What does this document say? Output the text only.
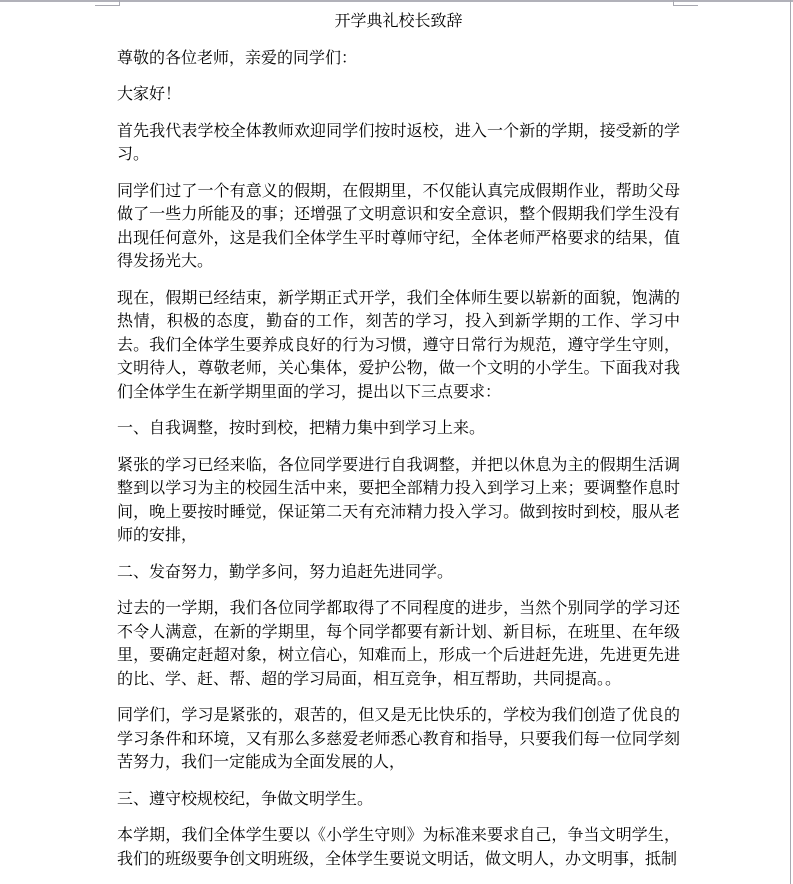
开学典礼校长致辞

尊敬的各位老师，亲爱的同学们：

大家好！

首先我代表学校全体教师欢迎同学们按时返校，进入一个新的学期，接受新的学习。

同学们过了一个有意义的假期，在假期里，不仅能认真完成假期作业，帮助父母做了一些力所能及的事；还增强了文明意识和安全意识，整个假期我们学生没有出现任何意外，这是我们全体学生平时尊师守纪，全体老师严格要求的结果，值得发扬光大。

现在，假期已经结束，新学期正式开学，我们全体师生要以崭新的面貌，饱满的热情，积极的态度，勤奋的工作，刻苦的学习，投入到新学期的工作、学习中去。我们全体学生要养成良好的行为习惯，遵守日常行为规范，遵守学生守则，文明待人，尊敬老师，关心集体，爱护公物，做一个文明的小学生。下面我对我们全体学生在新学期里面的学习，提出以下三点要求：

一、自我调整，按时到校，把精力集中到学习上来。

紧张的学习已经来临，各位同学要进行自我调整，并把以休息为主的假期生活调整到以学习为主的校园生活中来，要把全部精力投入到学习上来；要调整作息时间，晚上要按时睡觉，保证第二天有充沛精力投入学习。做到按时到校，服从老师的安排，

二、发奋努力，勤学多问，努力追赶先进同学。

过去的一学期，我们各位同学都取得了不同程度的进步，当然个别同学的学习还不令人满意，在新的学期里，每个同学都要有新计划、新目标，在班里、在年级里，要确定赶超对象，树立信心，知难而上，形成一个后进赶先进，先进更先进的比、学、赶、帮、超的学习局面，相互竞争，相互帮助，共同提高。。

同学们，学习是紧张的，艰苦的，但又是无比快乐的，学校为我们创造了优良的学习条件和环境，又有那么多慈爱老师悉心教育和指导，只要我们每一位同学刻苦努力，我们一定能成为全面发展的人，

三、遵守校规校纪，争做文明学生。

本学期，我们全体学生要以《小学生守则》为标准来要求自己，争当文明学生，我们的班级要争创文明班级，全体学生要说文明话，做文明人，办文明事，抵制
